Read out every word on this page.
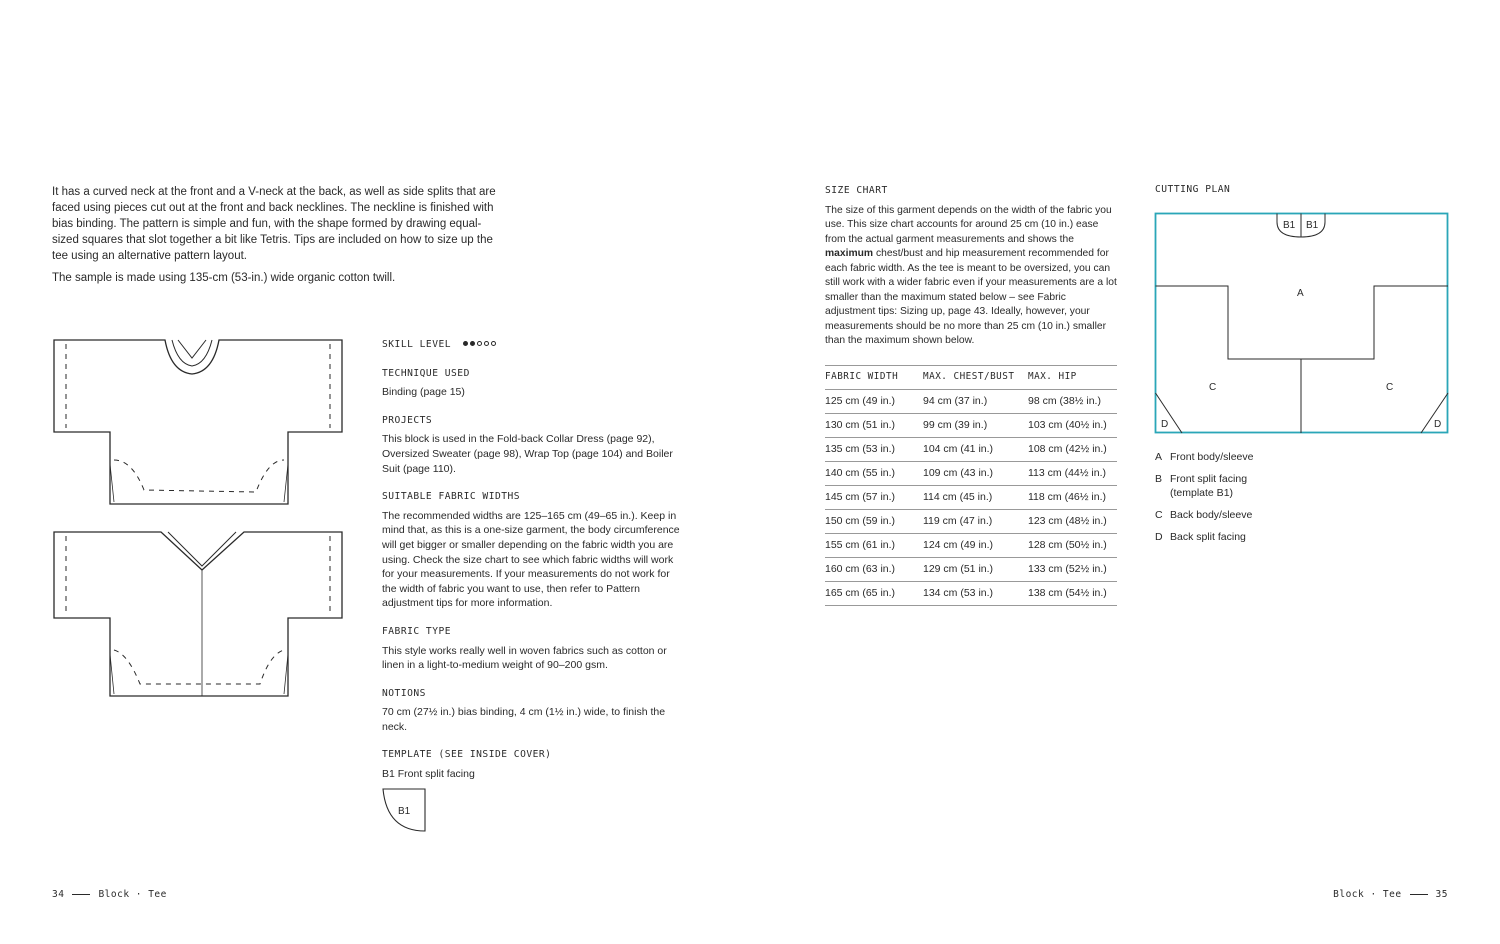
It has a curved neck at the front and a V-neck at the back, as well as side splits that are faced using pieces cut out at the front and back necklines. The neckline is finished with bias binding. The pattern is simple and fun, with the shape formed by drawing equal-sized squares that slot together a bit like Tetris. Tips are included on how to size up the tee using an alternative pattern layout.

The sample is made using 135-cm (53-in.) wide organic cotton twill.

SKILL LEVEL
TECHNIQUE USED

Binding (page 15)

PROJECTS

This block is used in the Fold-back Collar Dress (page 92), Oversized Sweater (page 98), Wrap Top (page 104) and Boiler Suit (page 110).

SUITABLE FABRIC WIDTHS

The recommended widths are 125–165 cm (49–65 in.). Keep in mind that, as this is a one-size garment, the body circumference will get bigger or smaller depending on the fabric width you are using. Check the size chart to see which fabric widths will work for your measurements. If your measurements do not work for the width of fabric you want to use, then refer to Pattern adjustment tips for more information.

FABRIC TYPE

This style works really well in woven fabrics such as cotton or linen in a light-to-medium weight of 90–200 gsm.

NOTIONS

70 cm (27½ in.) bias binding, 4 cm (1½ in.) wide, to finish the neck.

TEMPLATE (SEE INSIDE COVER)

B1 Front split facing

B1
SIZE CHART

The size of this garment depends on the width of the fabric you use. This size chart accounts for around 25 cm (10 in.) ease from the actual garment measurements and shows the maximum chest/bust and hip measurement recommended for each fabric width. As the tee is meant to be oversized, you can still work with a wider fabric even if your measurements are a lot smaller than the maximum stated below – see Fabric adjustment tips: Sizing up, page 43. Ideally, however, your measurements should be no more than 25 cm (10 in.) smaller than the maximum shown below.

FABRIC WIDTH	MAX. CHEST/BUST	MAX. HIP
125 cm (49 in.)	94 cm (37 in.)	98 cm (38½ in.)
130 cm (51 in.)	99 cm (39 in.)	103 cm (40½ in.)
135 cm (53 in.)	104 cm (41 in.)	108 cm (42½ in.)
140 cm (55 in.)	109 cm (43 in.)	113 cm (44½ in.)
145 cm (57 in.)	114 cm (45 in.)	118 cm (46½ in.)
150 cm (59 in.)	119 cm (47 in.)	123 cm (48½ in.)
155 cm (61 in.)	124 cm (49 in.)	128 cm (50½ in.)
160 cm (63 in.)	129 cm (51 in.)	133 cm (52½ in.)
165 cm (65 in.)	134 cm (53 in.)	138 cm (54½ in.)
CUTTING PLAN
B1 B1
A
C	C
D	D
A Front body/sleeve
B Front split facing (template B1)
C Back body/sleeve
D Back split facing
34	Block · Tee	Block · Tee	35
